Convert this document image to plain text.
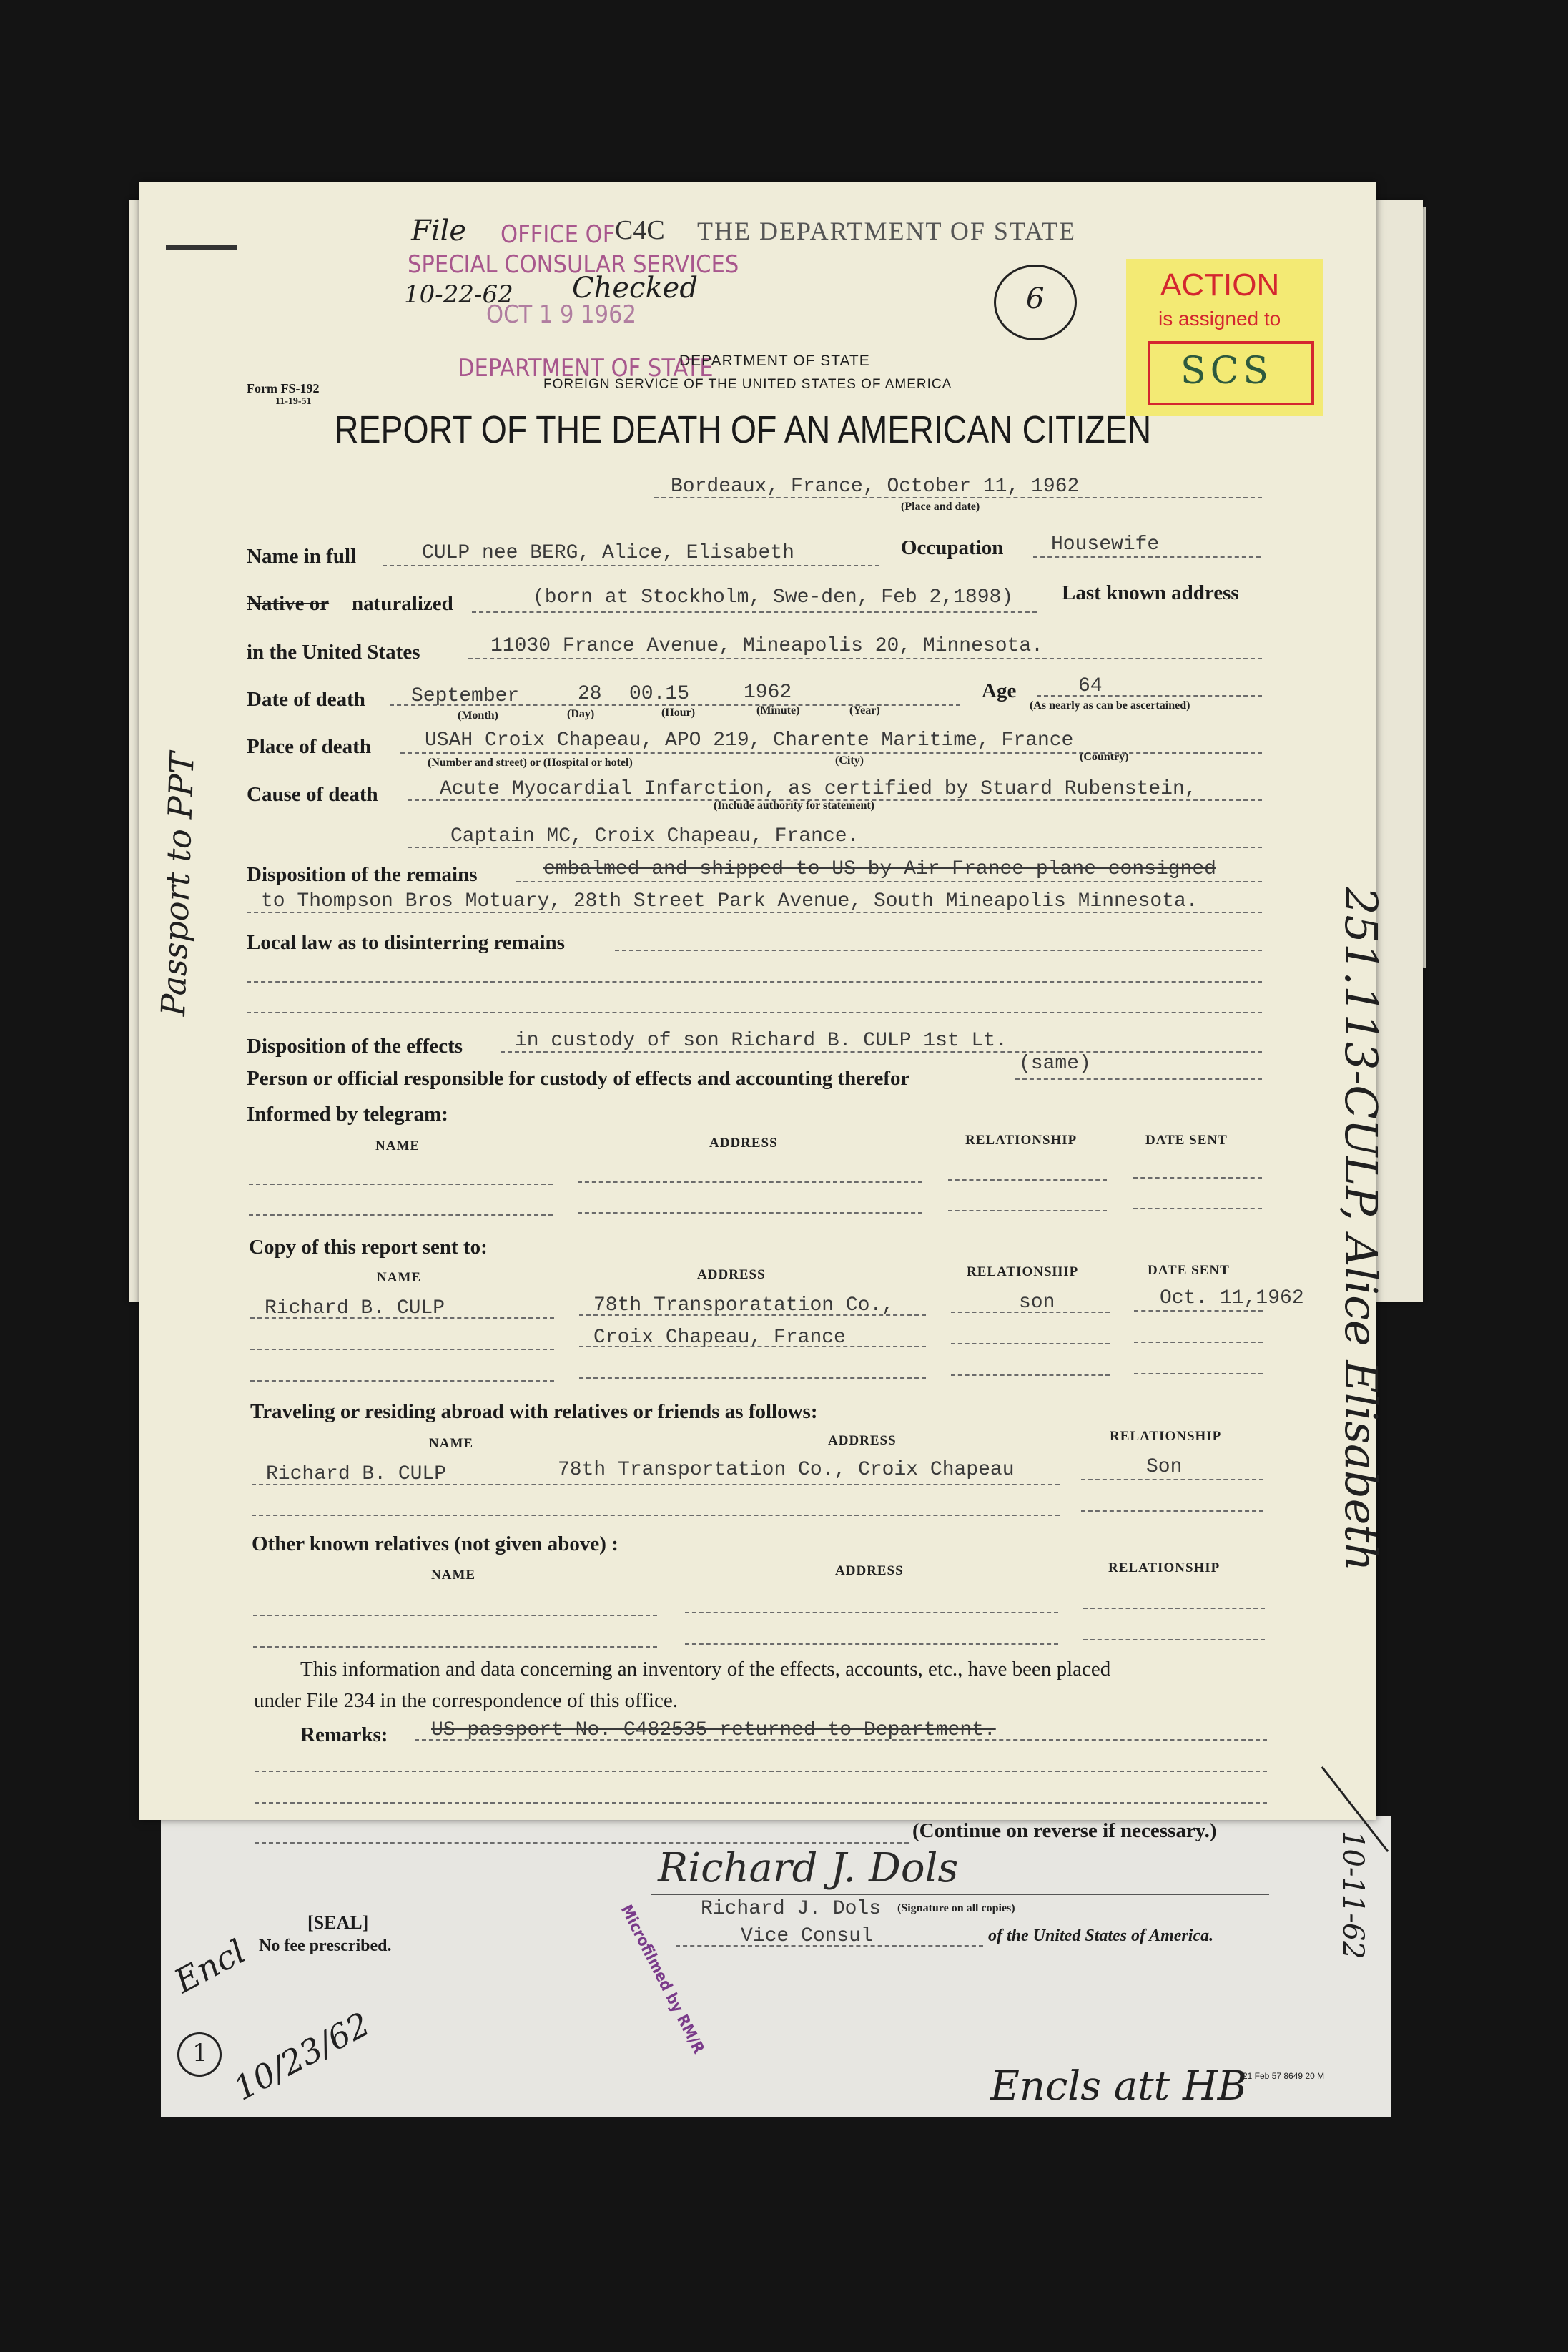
File OFFICE OF C4C THE DEPARTMENT OF STATE
SPECIAL CONSULAR SERVICES
10-22-62 Checked
OCT 1 9 1962
DEPARTMENT OF STATE
DEPARTMENT OF STATE
FOREIGN SERVICE OF THE UNITED STATES OF AMERICA
Form FS-192
11-19-51
6	ACTION
is assigned to
SCS
REPORT OF THE DEATH OF AN AMERICAN CITIZEN
Bordeaux, France, October 11, 1962
(Place and date)
Name in full	CULP nee BERG, Alice, Elisabeth	Occupation Housewife
Native or naturalized	(born at Stockholm, Swe-den, Feb 2,1898) Last known address
in the United States	11030 France Avenue, Mineapolis 20, Minnesota.
Date of death September	28 00.15	1962
(Month)	(Day)	(Hour)	(Minute)	(Year)
Age	64
(As nearly as can be ascertained)
Place of death	USAH Croix Chapeau, APO 219, Charente Maritime, France
(Number and street) or (Hospital or hotel)	(City)	(Country)
Cause of death	Acute Myocardial Infarction, as certified by Stuard Rubenstein,
(Include authority for statement)
Captain MC, Croix Chapeau, France.
Disposition of the remains	embalmed and shipped to US by Air France plane consigned
to Thompson Bros Motuary, 28th Street Park Avenue, South Mineapolis Minnesota.
Local law as to disinterring remains
Disposition of the effects	in custody of son Richard B. CULP 1st Lt.
Person or official responsible for custody of effects and accounting therefor
(same)
Informed by telegram:
NAME	ADDRESS	RELATIONSHIP	DATE SENT
Copy of this report sent to:
NAME	ADDRESS	RELATIONSHIP	DATE SENT
Richard B. CULP	78th Transporatation Co.,	son	Oct. 11,1962
Croix Chapeau, France
Traveling or residing abroad with relatives or friends as follows:
NAME	ADDRESS	RELATIONSHIP
Richard B. CULP	78th Transportation Co., Croix Chapeau	Son
Other known relatives (not given above) :
NAME	ADDRESS	RELATIONSHIP
This information and data concerning an inventory of the effects, accounts, etc., have been placed
under File 234 in the correspondence of this office.
Remarks: US passport No. C482535 returned to Department.
(Continue on reverse if necessary.)
Richard J. Dols
Richard J. Dols (Signature on all copies)
Vice Consul	of the United States of America.
[SEAL]
No fee prescribed.	Microfilmed by RM/R
21 Feb 57 8649 20 M
Passport to PPT
251.113-CULP, Alice Elisabeth
10-11-62
Encl
1 10/23/62	Encls att HB
